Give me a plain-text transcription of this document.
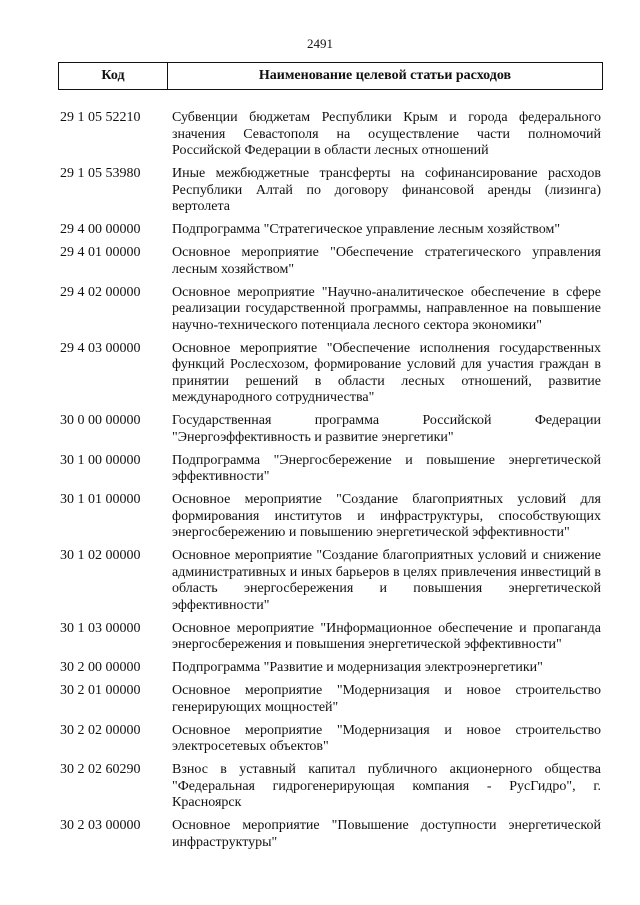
2491
Код	Наименование целевой статьи расходов
29 1 05 52210	Субвенции бюджетам Республики Крым и города федерального значения Севастополя на осуществление части полномочий Российской Федерации в области лесных отношений
29 1 05 53980	Иные межбюджетные трансферты на софинансирование расходов Республики Алтай по договору финансовой аренды (лизинга) вертолета
29 4 00 00000	Подпрограмма "Стратегическое управление лесным хозяйством"
29 4 01 00000	Основное мероприятие "Обеспечение стратегического управления лесным хозяйством"
29 4 02 00000	Основное мероприятие "Научно-аналитическое обеспечение в сфере реализации государственной программы, направленное на повышение научно-технического потенциала лесного сектора экономики"
29 4 03 00000	Основное мероприятие "Обеспечение исполнения государственных функций Рослесхозом, формирование условий для участия граждан в принятии решений в области лесных отношений, развитие международного сотрудничества"
30 0 00 00000	Государственная программа Российской Федерации "Энергоэффективность и развитие энергетики"
30 1 00 00000	Подпрограмма "Энергосбережение и повышение энергетической эффективности"
30 1 01 00000	Основное мероприятие "Создание благоприятных условий для формирования институтов и инфраструктуры, способствующих энергосбережению и повышению энергетической эффективности"
30 1 02 00000	Основное мероприятие "Создание благоприятных условий и снижение административных и иных барьеров в целях привлечения инвестиций в область энергосбережения и повышения энергетической эффективности"
30 1 03 00000	Основное мероприятие "Информационное обеспечение и пропаганда энергосбережения и повышения энергетической эффективности"
30 2 00 00000	Подпрограмма "Развитие и модернизация электроэнергетики"
30 2 01 00000	Основное мероприятие "Модернизация и новое строительство генерирующих мощностей"
30 2 02 00000	Основное мероприятие "Модернизация и новое строительство электросетевых объектов"
30 2 02 60290	Взнос в уставный капитал публичного акционерного общества "Федеральная гидрогенерирующая компания - РусГидро", г. Красноярск
30 2 03 00000	Основное мероприятие "Повышение доступности энергетической инфраструктуры"
